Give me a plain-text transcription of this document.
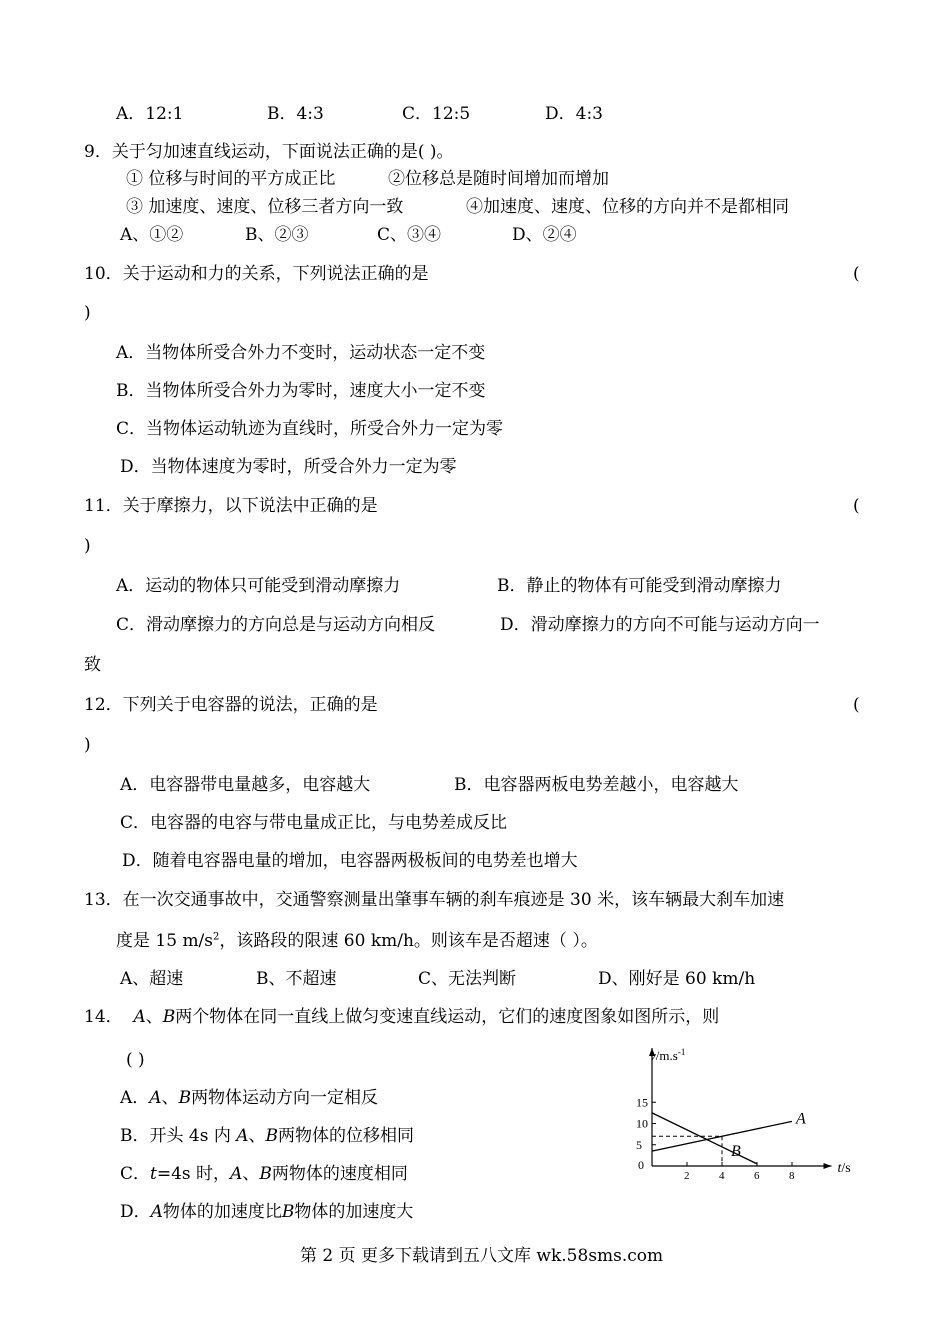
A．12:1	B．4:3	C．12:5	D．4:3
9．关于匀加速直线运动，下面说法正确的是( )。
① 位移与时间的平方成正比	②位移总是随时间增加而增加
③ 加速度、速度、位移三者方向一致	④加速度、速度、位移的方向并不是都相同
A、①②	B、②③	C、③④	D、②④
10．关于运动和力的关系，下列说法正确的是	(
)
A．当物体所受合外力不变时，运动状态一定不变
B．当物体所受合外力为零时，速度大小一定不变
C．当物体运动轨迹为直线时，所受合外力一定为零
D．当物体速度为零时，所受合外力一定为零
11．关于摩擦力，以下说法中正确的是	(
)
A．运动的物体只可能受到滑动摩擦力	B．静止的物体有可能受到滑动摩擦力
C．滑动摩擦力的方向总是与运动方向相反	D．滑动摩擦力的方向不可能与运动方向一
致
12．下列关于电容器的说法，正确的是	(
)
A．电容器带电量越多，电容越大	B．电容器两板电势差越小，电容越大
C．电容器的电容与带电量成正比，与电势差成反比
D．随着电容器电量的增加，电容器两极板间的电势差也增大
13．在一次交通事故中，交通警察测量出肇事车辆的刹车痕迹是 30 米，该车辆最大刹车加速
度是 15 $m/s^2$，该路段的限速 60 km/h。则该车是否超速（ ）。
A、超速	B、不超速	C、无法判断	D、刚好是 60 km/h
14． A、B两个物体在同一直线上做匀变速直线运动，它们的速度图象如图所示，则
( )
A．A、B两物体运动方向一定相反
B．开头 4s 内 A、B两物体的位移相同
C．t=4s 时，A、B两物体的速度相同
D．A物体的加速度比B物体的加速度大
2	4	6	8
15
10
5
0
A
B
$v/m.s^{-1}$
t/s
第 2 页 更多下载请到五八文库 wk.58sms.com
